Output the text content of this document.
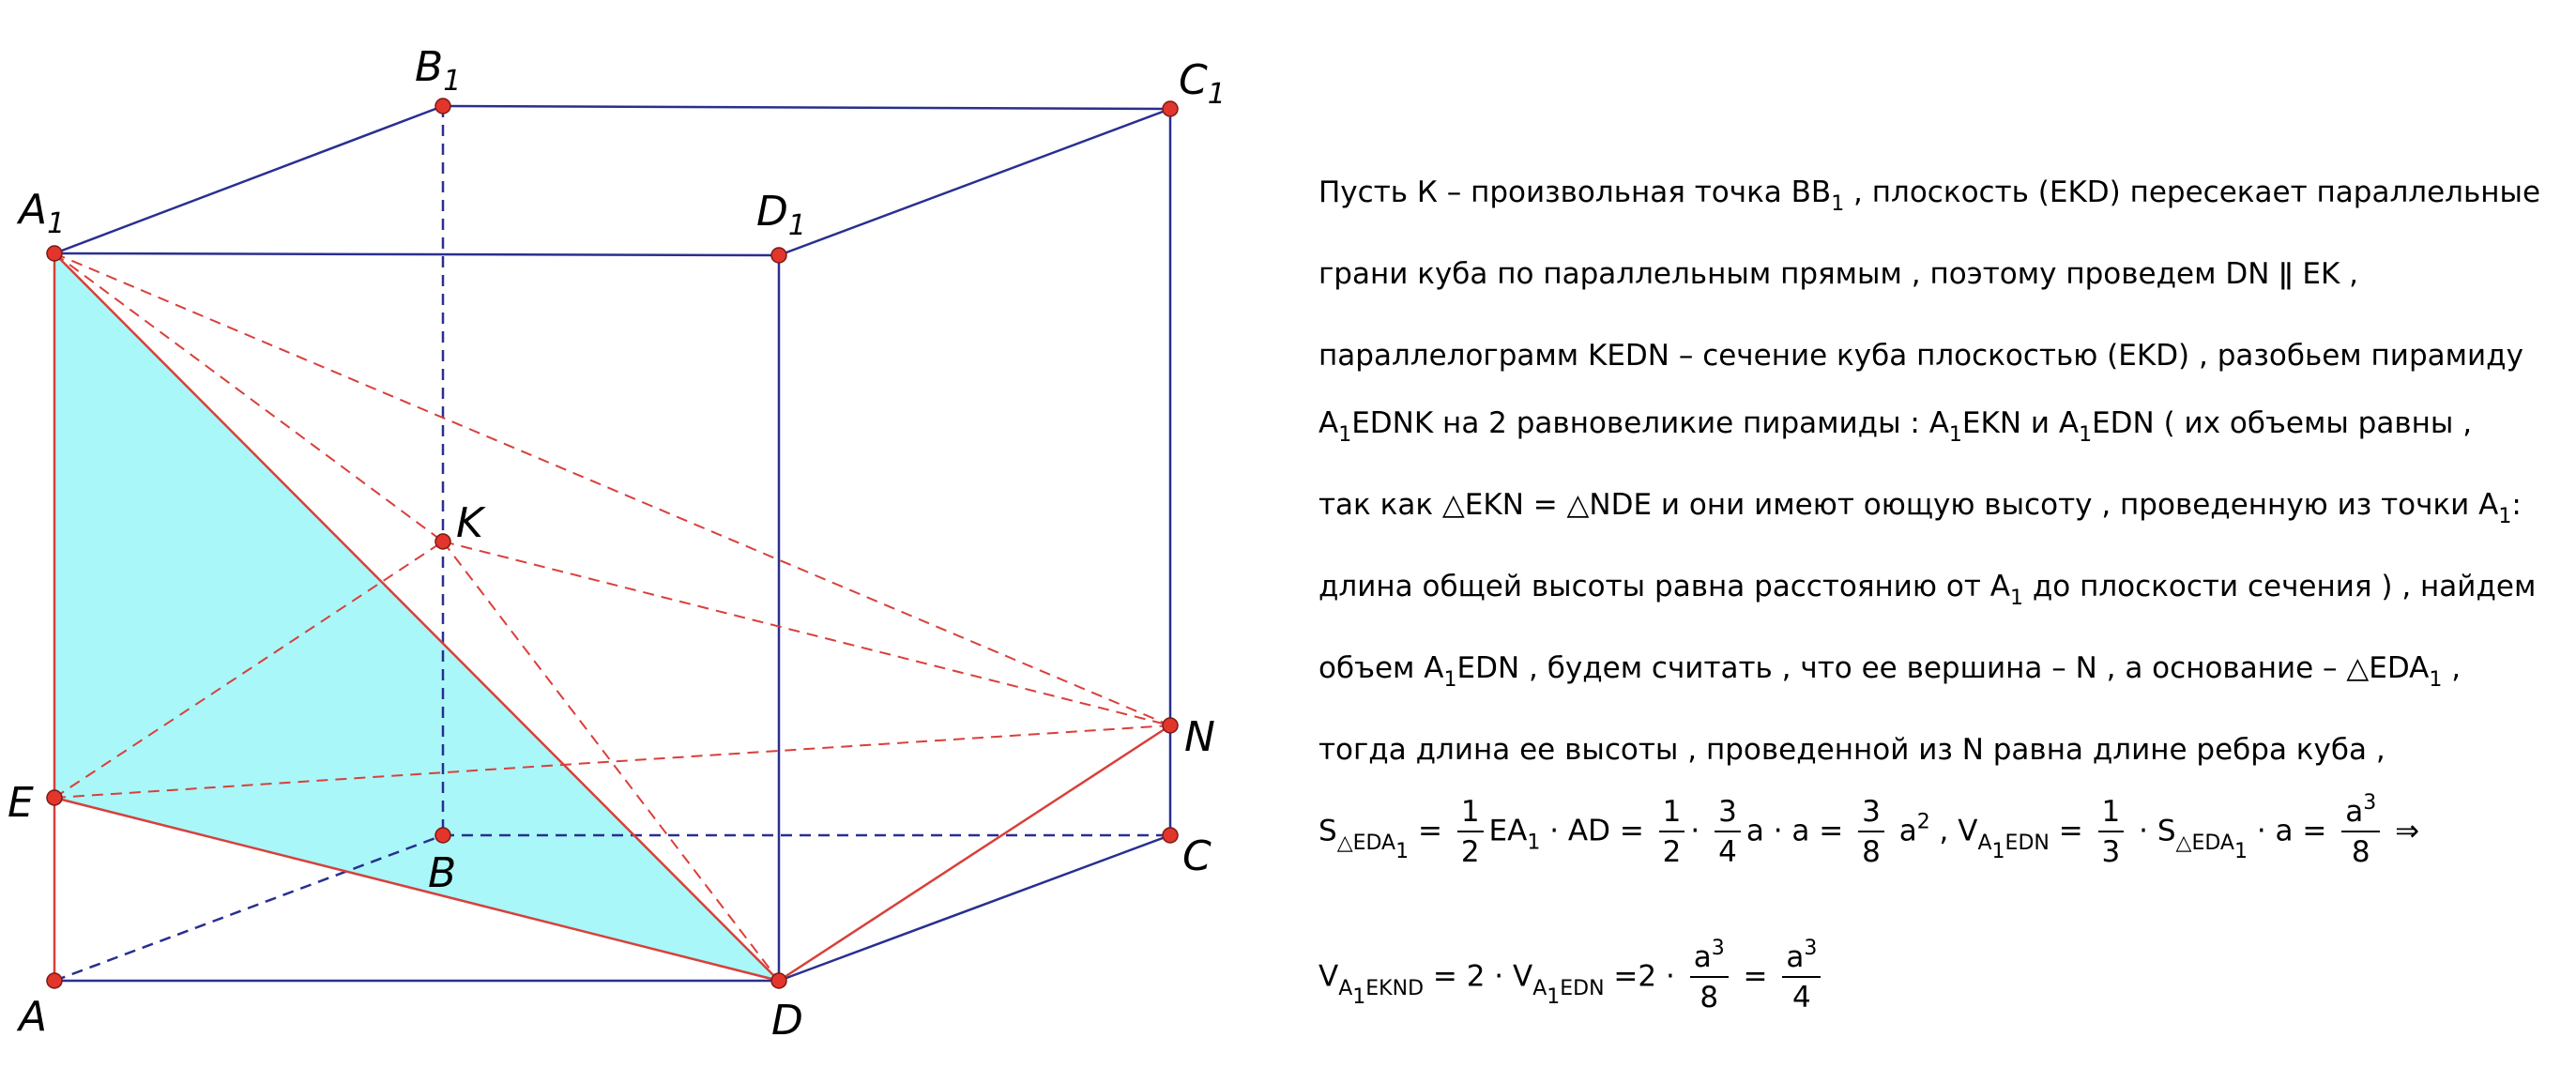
$A_1$
$B_1$	$C_1$
$D_1$
K
N
E
B	C
A	D
Пусть К – произвольная точка $ВВ_1$ , плоскость (ЕKD) пересекает параллельные
грани куба по параллельным прямым , поэтому проведем DN ǁ EK ,
параллелограмм KEDN – сечение куба плоскостью (EKD) , разобьем пирамиду
$А_1EDNK$ на 2 равновеликие пирамиды : $А_1EKN$ и $А_1EDN$ ( их объемы равны ,
так как △EKN = △NDE и они имеют оющую высоту , проведенную из точки $А_1$:
длина общей высоты равна расстоянию от $А_1$ до плоскости сечения ) , найдем
объем $А_1EDN$ , будем считать , что ее вершина – N , а основание – $\triangle EDA_1$ ,
тогда длина ее высоты , проведенной из N равна длине ребра куба ,
$S_{\triangle EDA_1} = \frac{1}{2} EA_1$ · AD = $\frac{1}{2} \cdot \frac{3}{4}$ $a \cdot a = \frac{3}{8} a^2$ , $V_{A_1EDN} = \frac{1}{3} \cdot S_{\triangle EDA_1} \cdot a = \frac{a^3}{8}$ ⇒
$V_{A_1EKND} = 2 \cdot V_{A_1EDN} =2 \cdot \frac{a^3}{8} = \frac{a^3}{4}$
